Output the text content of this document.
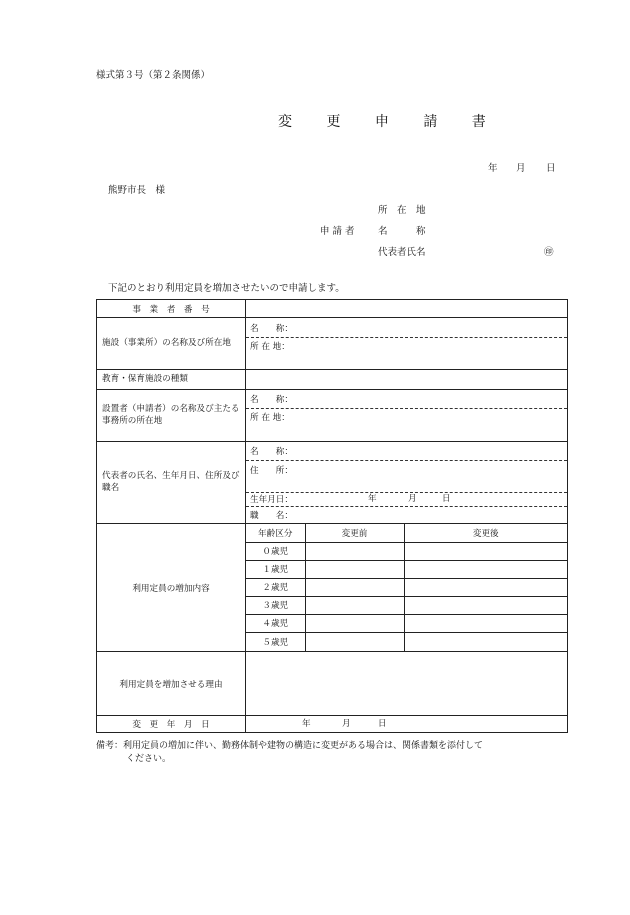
様式第３号（第２条関係）
変 更 申 請 書
年 月 日
熊野市長　様
所　在　地
申 請 者 名　　　称
代表者氏名	㊞
下記のとおり利用定員を増加させたいので申請します。
事　業　者　番　号	

施設（事業所）の名称及び所在地	
名　　称：
所 在 地：

教育・保育施設の種類	
設置者（申請者）の名称及び主たる事務所の所在地	
名　　称：
所 在 地：

代表者の氏名、生年月日、住所及び職名	
名　　称：
住　　所：
生年月日：	年	月	日
職　　名：

利用定員の増加内容	
年齢区分	変更前	変更後
０歳児		
１歳児		
２歳児		
３歳児		
４歳児		
５歳児		

利用定員を増加させる理由	
変　更　年　月　日	年	月	日
備考：利用定員の増加に伴い、勤務体制や建物の構造に変更がある場合は、関係書類を添付して
ください。
